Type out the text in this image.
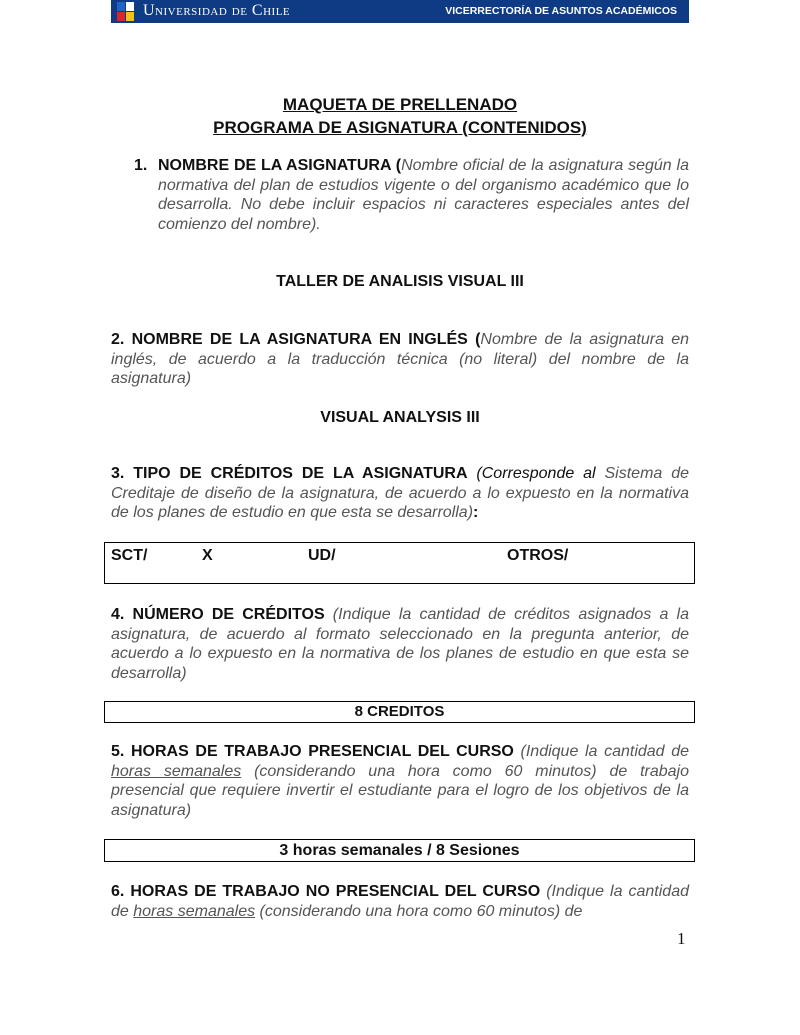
Universidad de Chile	VICERRECTORÍA DE ASUNTOS ACADÉMICOS
MAQUETA DE PRELLENADO
PROGRAMA DE ASIGNATURA (CONTENIDOS)
1. NOMBRE DE LA ASIGNATURA (Nombre oficial de la asignatura según la normativa del plan de estudios vigente o del organismo académico que lo desarrolla. No debe incluir espacios ni caracteres especiales antes del comienzo del nombre).

TALLER DE ANALISIS VISUAL III

2. NOMBRE DE LA ASIGNATURA EN INGLÉS (Nombre de la asignatura en inglés, de acuerdo a la traducción técnica (no literal) del nombre de la asignatura)

VISUAL ANALYSIS III

3. TIPO DE CRÉDITOS DE LA ASIGNATURA (Corresponde al Sistema de Creditaje de diseño de la asignatura, de acuerdo a lo expuesto en la normativa de los planes de estudio en que esta se desarrolla):

SCT/	X	UD/	OTROS/

4. NÚMERO DE CRÉDITOS (Indique la cantidad de créditos asignados a la asignatura, de acuerdo al formato seleccionado en la pregunta anterior, de acuerdo a lo expuesto en la normativa de los planes de estudio en que esta se desarrolla)

8 CREDITOS

5. HORAS DE TRABAJO PRESENCIAL DEL CURSO (Indique la cantidad de horas semanales (considerando una hora como 60 minutos) de trabajo presencial que requiere invertir el estudiante para el logro de los objetivos de la asignatura)

3 horas semanales / 8 Sesiones

6. HORAS DE TRABAJO NO PRESENCIAL DEL CURSO (Indique la cantidad de horas semanales (considerando una hora como 60 minutos) de

1
